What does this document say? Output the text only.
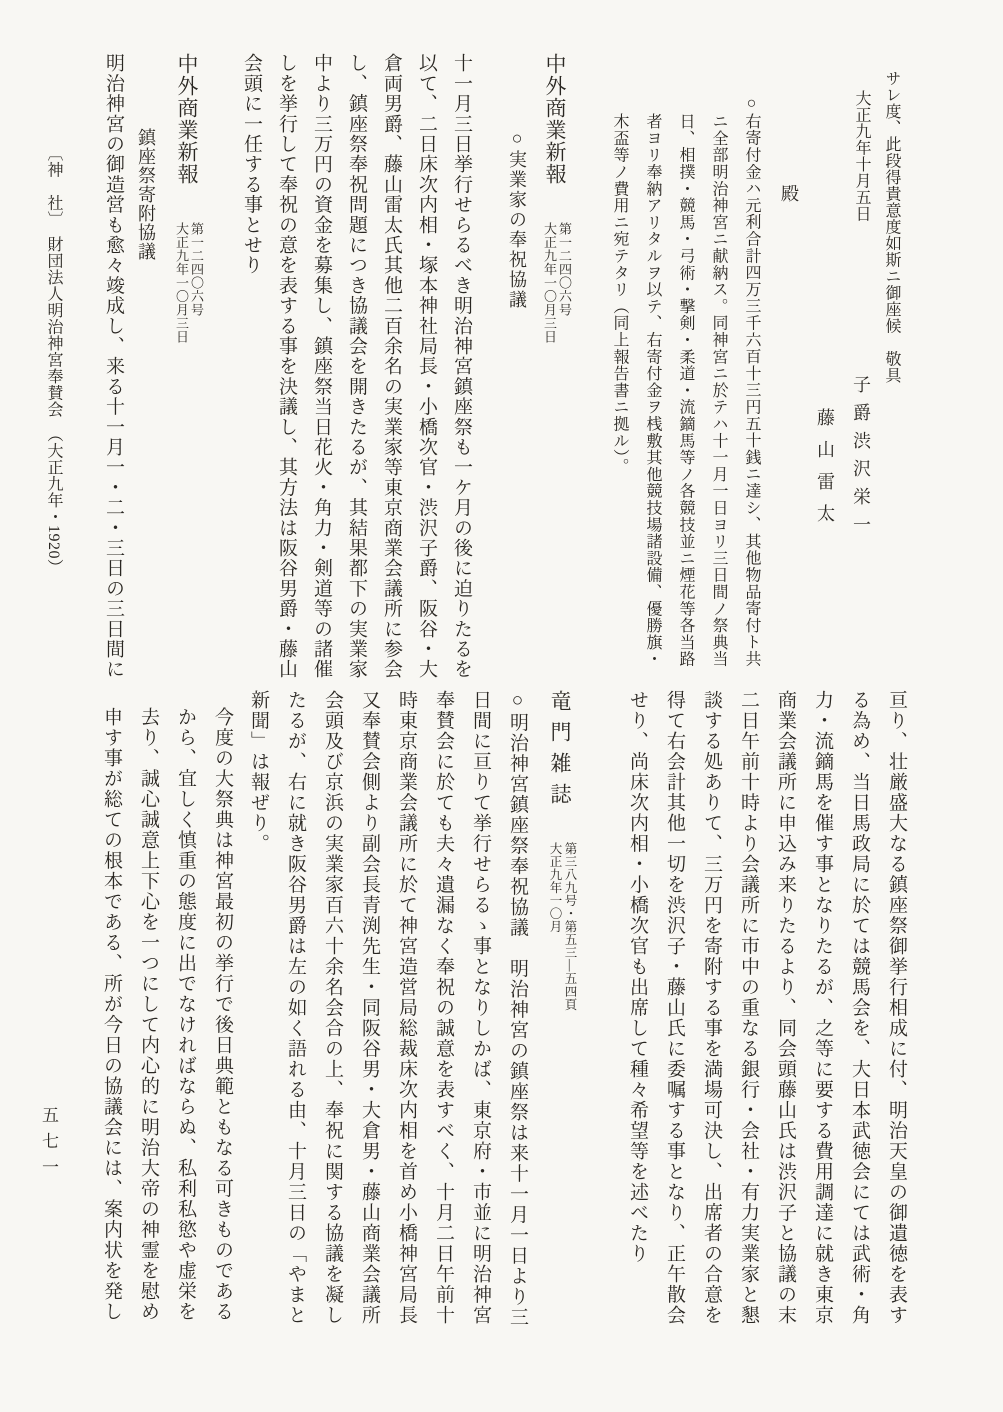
サレ度、此段得貴意度如斯ニ御座候　敬具
大正九年十月五日 子爵渋沢栄一
藤山雷太
殿
○右寄付金ハ元利合計四万三千六百十三円五十銭ニ達シ、其他物品寄付ト共
ニ全部明治神宮ニ献納ス。同神宮ニ於テハ十一月一日ヨリ三日間ノ祭典当
日、相撲・競馬・弓術・撃剣・柔道・流鏑馬等ノ各競技並ニ煙花等各当路
者ヨリ奉納アリタルヲ以テ、右寄付金ヲ桟敷其他競技場諸設備、優勝旗・
木盃等ノ費用ニ宛テタリ（同上報告書ニ拠ル）。
中外商業新報
第一二四〇六号
大正九年一〇月三日
○実業家の奉祝協議
十一月三日挙行せらるべき明治神宮鎮座祭も一ケ月の後に迫りたるを
以て、二日床次内相・塚本神社局長・小橋次官・渋沢子爵、阪谷・大
倉両男爵、藤山雷太氏其他二百余名の実業家等東京商業会議所に参会
し、鎮座祭奉祝問題につき協議会を開きたるが、其結果都下の実業家
中より三万円の資金を募集し、鎮座祭当日花火・角力・剣道等の諸催
しを挙行して奉祝の意を表する事を決議し、其方法は阪谷男爵・藤山
会頭に一任する事とせり
中外商業新報
第一二四〇六号
大正九年一〇月三日
鎮座祭寄附協議
明治神宮の御造営も愈々竣成し、来る十一月一・二・三日の三日間に
〔神　社〕　財団法人明治神宮奉賛会　（大正九年・1920）
亘り、壮厳盛大なる鎮座祭御挙行相成に付、明治天皇の御遺徳を表す
る為め、当日馬政局に於ては競馬会を、大日本武徳会にては武術・角
力・流鏑馬を催す事となりたるが、之等に要する費用調達に就き東京
商業会議所に申込み来りたるより、同会頭藤山氏は渋沢子と協議の末
二日午前十時より会議所に市中の重なる銀行・会社・有力実業家と懇
談する処ありて、三万円を寄附する事を満場可決し、出席者の合意を
得て右会計其他一切を渋沢子・藤山氏に委嘱する事となり、正午散会
せり、尚床次内相・小橋次官も出席して種々希望等を述べたり
竜門雑誌
第三八九号・第五三―五四頁
大正九年一〇月
○明治神宮鎮座祭奉祝協議　明治神宮の鎮座祭は来十一月一日より三
日間に亘りて挙行せらるゝ事となりしかば、東京府・市並に明治神宮
奉賛会に於ても夫々遺漏なく奉祝の誠意を表すべく、十月二日午前十
時東京商業会議所に於て神宮造営局総裁床次内相を首め小橋神宮局長
又奉賛会側より副会長青渕先生・同阪谷男・大倉男・藤山商業会議所
会頭及び京浜の実業家百六十余名会合の上、奉祝に関する協議を凝し
たるが、右に就き阪谷男爵は左の如く語れる由、十月三日の「やまと
新聞」は報ぜり。
今度の大祭典は神宮最初の挙行で後日典範ともなる可きものである
から、宜しく慎重の態度に出でなければならぬ、私利私慾や虚栄を
去り、誠心誠意上下心を一つにして内心的に明治大帝の神霊を慰め
申す事が総ての根本である、所が今日の協議会には、案内状を発し
五七一
